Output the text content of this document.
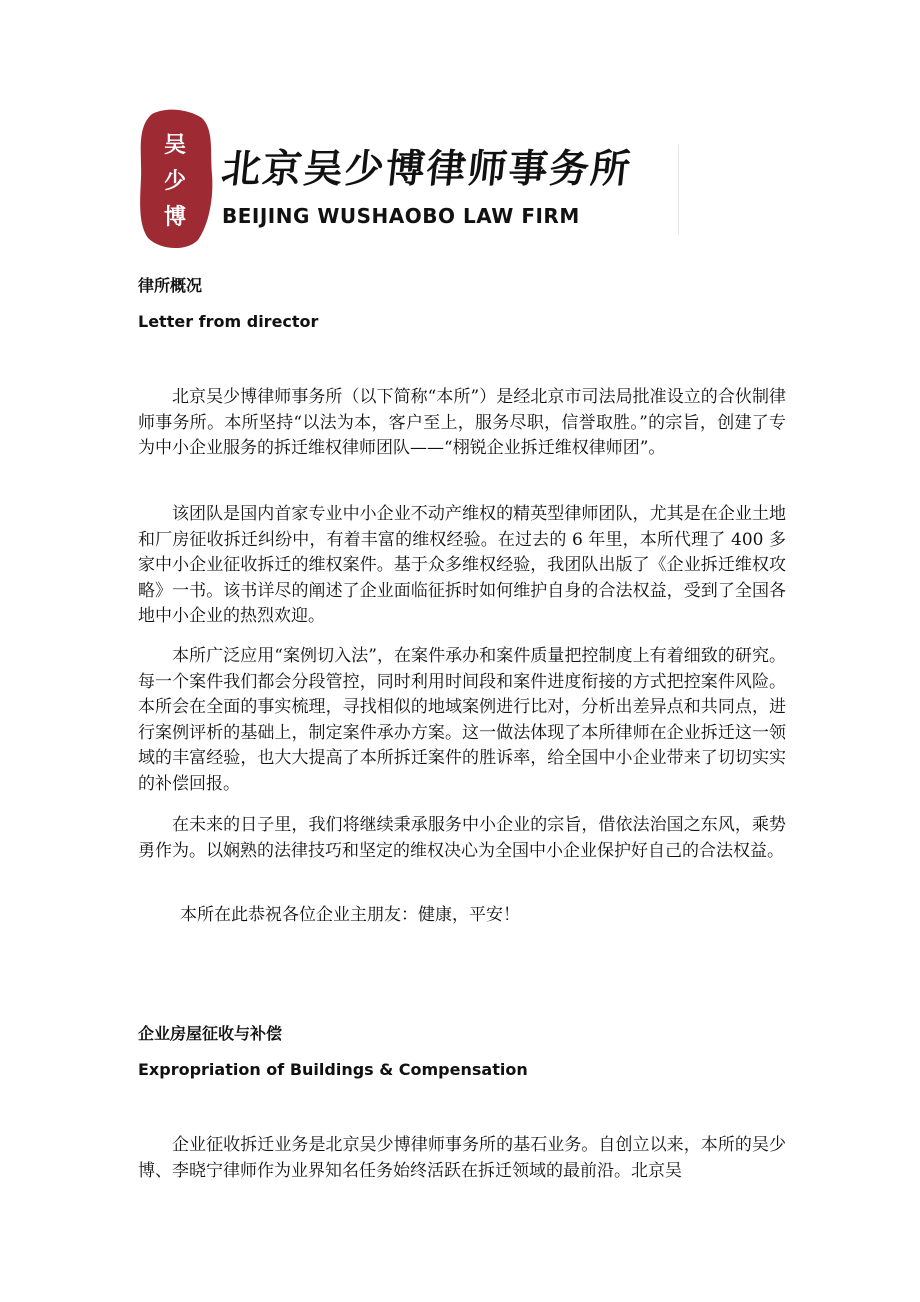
吴
少
博
北京吴少博律师事务所
BEIJING WUSHAOBO LAW FIRM
律所概况
Letter from director

北京吴少博律师事务所（以下简称“本所”）是经北京市司法局批准设立的合伙制律师事务所。本所坚持“以法为本，客户至上，服务尽职，信誉取胜。”的宗旨，创建了专为中小企业服务的拆迁维权律师团队——“栩锐企业拆迁维权律师团”。

该团队是国内首家专业中小企业不动产维权的精英型律师团队，尤其是在企业土地和厂房征收拆迁纠纷中，有着丰富的维权经验。在过去的 6 年里，本所代理了 400 多家中小企业征收拆迁的维权案件。基于众多维权经验，我团队出版了《企业拆迁维权攻略》一书。该书详尽的阐述了企业面临征拆时如何维护自身的合法权益，受到了全国各地中小企业的热烈欢迎。

本所广泛应用“案例切入法”，在案件承办和案件质量把控制度上有着细致的研究。每一个案件我们都会分段管控，同时利用时间段和案件进度衔接的方式把控案件风险。本所会在全面的事实梳理，寻找相似的地域案例进行比对，分析出差异点和共同点，进行案例评析的基础上，制定案件承办方案。这一做法体现了本所律师在企业拆迁这一领域的丰富经验，也大大提高了本所拆迁案件的胜诉率，给全国中小企业带来了切切实实的补偿回报。

在未来的日子里，我们将继续秉承服务中小企业的宗旨，借依法治国之东风，乘势勇作为。以娴熟的法律技巧和坚定的维权决心为全国中小企业保护好自己的合法权益。

本所在此恭祝各位企业主朋友：健康，平安！

企业房屋征收与补偿
Expropriation of Buildings & Compensation

企业征收拆迁业务是北京吴少博律师事务所的基石业务。自创立以来，本所的吴少博、李晓宁律师作为业界知名任务始终活跃在拆迁领域的最前沿。北京吴
